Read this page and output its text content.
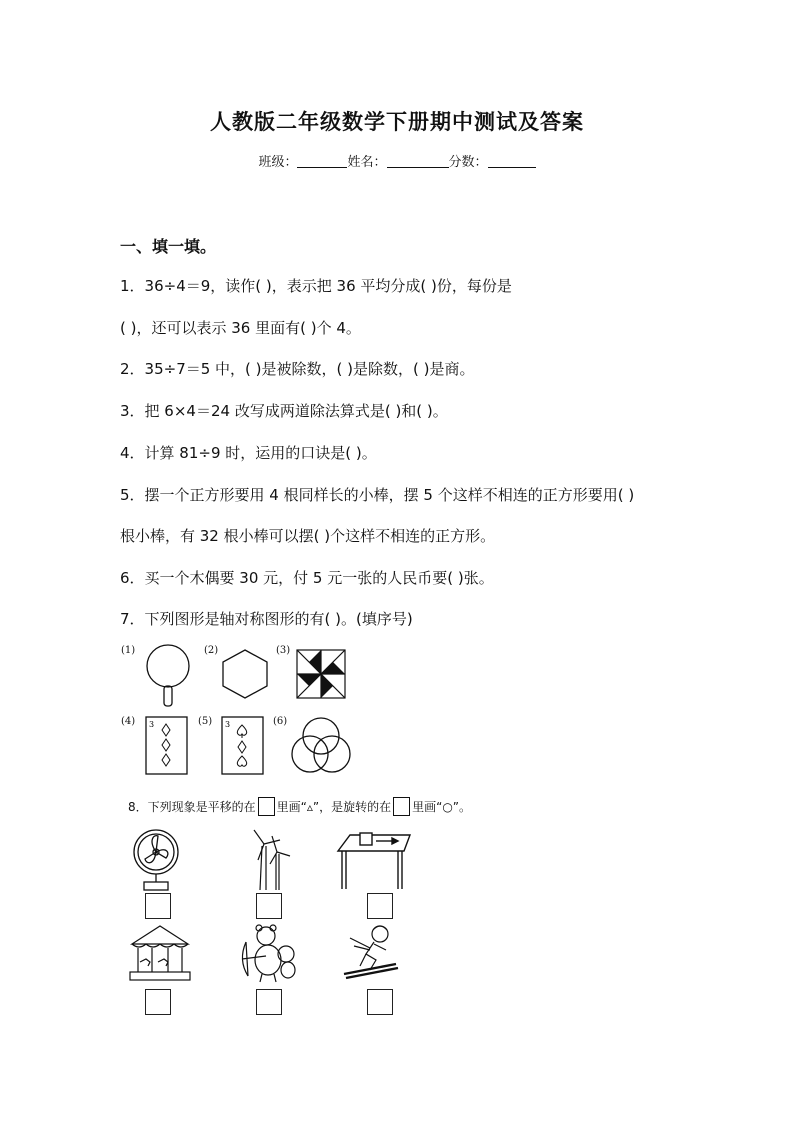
人教版二年级数学下册期中测试及答案
班级：	姓名：	分数：
一、填一填。
1．36÷4＝9，读作( )，表示把 36 平均分成( )份，每份是
( )，还可以表示 36 里面有( )个 4。
2．35÷7＝5 中，( )是被除数，( )是除数，( )是商。
3．把 6×4＝24 改写成两道除法算式是( )和( )。
4．计算 81÷9 时，运用的口诀是( )。
5．摆一个正方形要用 4 根同样长的小棒，摆 5 个这样不相连的正方形要用( )
根小棒，有 32 根小棒可以摆( )个这样不相连的正方形。
6．买一个木偶要 30 元，付 5 元一张的人民币要( )张。
7．下列图形是轴对称图形的有( )。(填序号)
(1)	(2)	(3)
(4) 3	(5) 3	(6)
8．下列现象是平移的在 里画“▵”，是旋转的在 里画“○”。
